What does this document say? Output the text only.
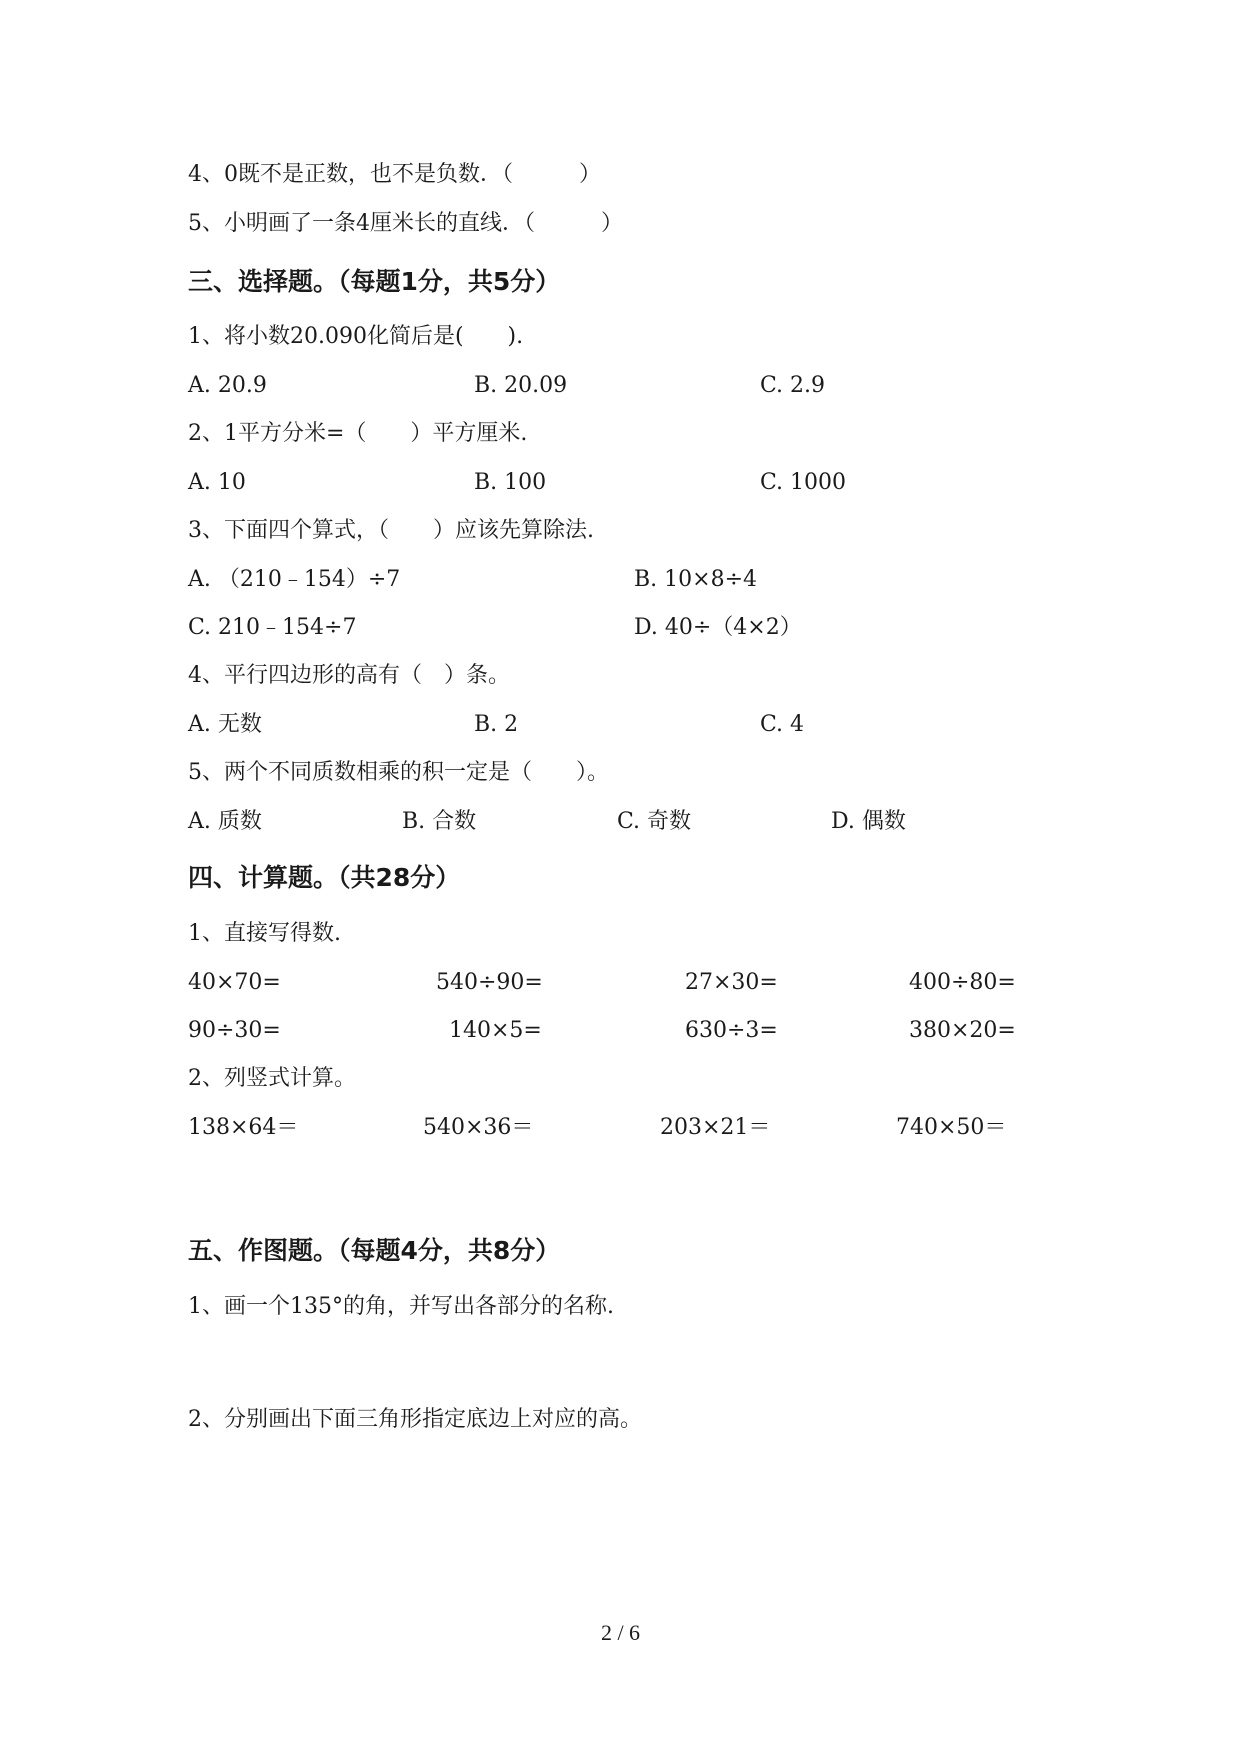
4、0既不是正数，也不是负数．（　　　）
5、小明画了一条4厘米长的直线．（　　　）
三、选择题。（每题1分，共5分）
1、将小数20.090化简后是(　　).
A. 20.9	B. 20.09	C. 2.9
2、1平方分米=（　　）平方厘米.
A. 10	B. 100	C. 1000
3、下面四个算式，（　　）应该先算除法.
A. （210﹣154）÷7	B. 10×8÷4
C. 210﹣154÷7	D. 40÷（4×2）
4、平行四边形的高有（　）条。
A. 无数	B. 2	C. 4
5、两个不同质数相乘的积一定是（　　）。
A. 质数	B. 合数	C. 奇数	D. 偶数
四、计算题。（共28分）
1、直接写得数.
40×70=	540÷90=	27×30=	400÷80=
90÷30=	140×5=	630÷3=	380×20=
2、列竖式计算。
138×64＝	540×36＝	203×21＝	740×50＝
五、作图题。（每题4分，共8分）
1、画一个135°的角，并写出各部分的名称.
2、分别画出下面三角形指定底边上对应的高。
2 / 6
